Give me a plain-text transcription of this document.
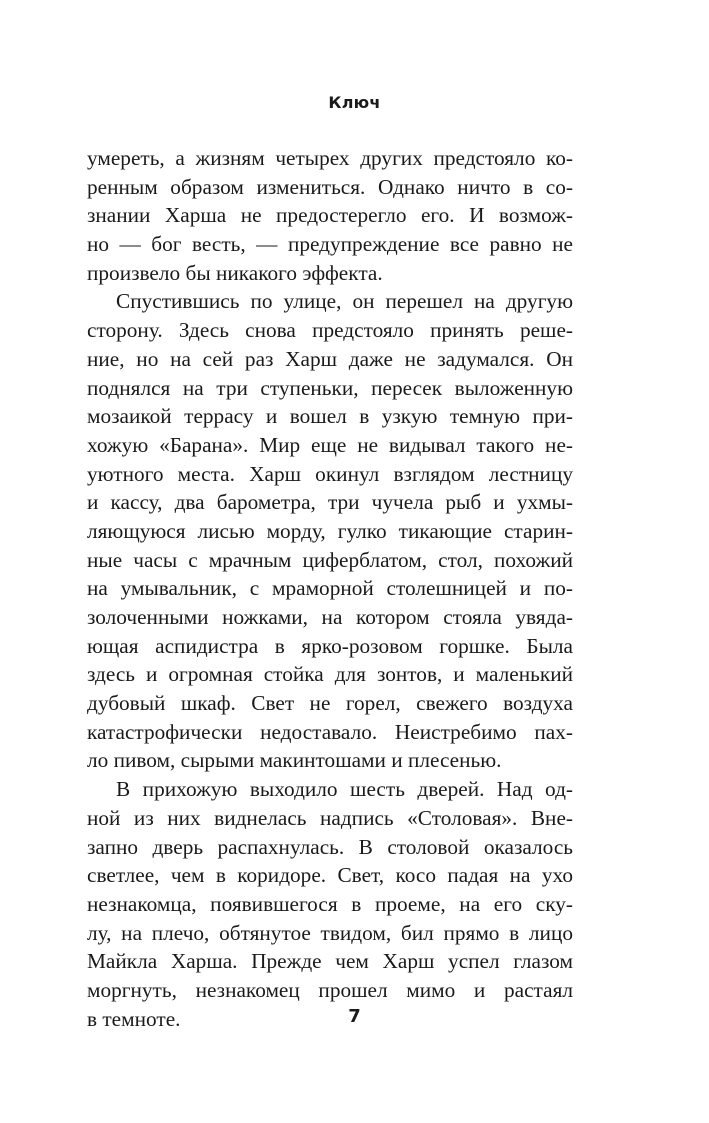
Ключ
умереть, а жизням четырех других предстояло ко-
ренным образом измениться. Однако ничто в со-
знании Харша не предостерегло его. И возмож-
но — бог весть, — предупреждение все равно не
произвело бы никакого эффекта.
Спустившись по улице, он перешел на другую
сторону. Здесь снова предстояло принять реше-
ние, но на сей раз Харш даже не задумался. Он
поднялся на три ступеньки, пересек выложенную
мозаикой террасу и вошел в узкую темную при-
хожую «Барана». Мир еще не видывал такого не-
уютного места. Харш окинул взглядом лестницу
и кассу, два барометра, три чучела рыб и ухмы-
ляющуюся лисью морду, гулко тикающие старин-
ные часы с мрачным циферблатом, стол, похожий
на умывальник, с мраморной столешницей и по-
золоченными ножками, на котором стояла увяда-
ющая аспидистра в ярко-розовом горшке. Была
здесь и огромная стойка для зонтов, и маленький
дубовый шкаф. Свет не горел, свежего воздуха
катастрофически недоставало. Неистребимо пах-
ло пивом, сырыми макинтошами и плесенью.
В прихожую выходило шесть дверей. Над од-
ной из них виднелась надпись «Столовая». Вне-
запно дверь распахнулась. В столовой оказалось
светлее, чем в коридоре. Свет, косо падая на ухо
незнакомца, появившегося в проеме, на его ску-
лу, на плечо, обтянутое твидом, бил прямо в лицо
Майкла Харша. Прежде чем Харш успел глазом
моргнуть, незнакомец прошел мимо и растаял
в темноте.	7
